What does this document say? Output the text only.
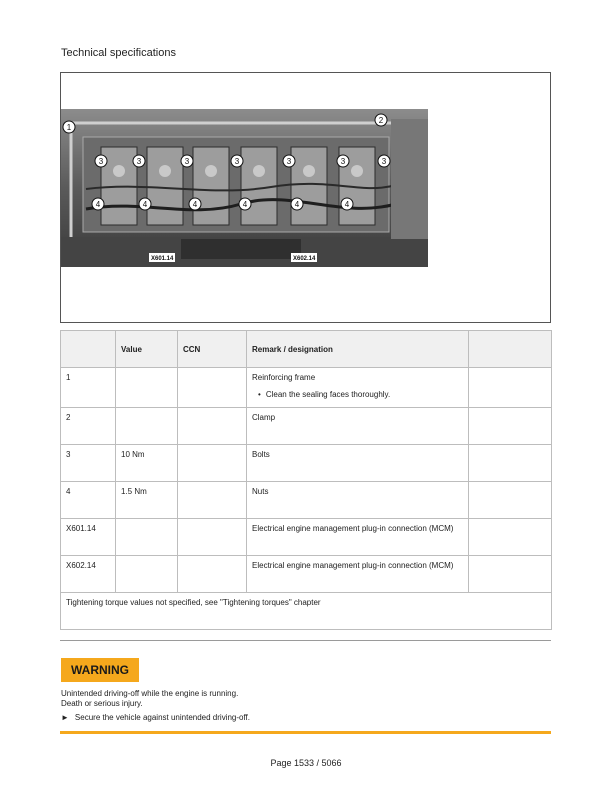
Technical specifications
1
2
3	3	3	3	3	3	3
4	4	4	4	4	4
X601.14	X602.14
	Value	CCN	Remark / designation	
1			Reinforcing frame
• Clean the sealing faces thoroughly.

2			Clamp	
3	10 Nm		Bolts	
4	1.5 Nm		Nuts	
X601.14			Electrical engine management plug-in connection (MCM)	
X602.14			Electrical engine management plug-in connection (MCM)	
Tightening torque values not specified, see "Tightening torques" chapter				
WARNING
Unintended driving-off while the engine is running.
Death or serious injury.
► Secure the vehicle against unintended driving-off.
Page 1533 / 5066
